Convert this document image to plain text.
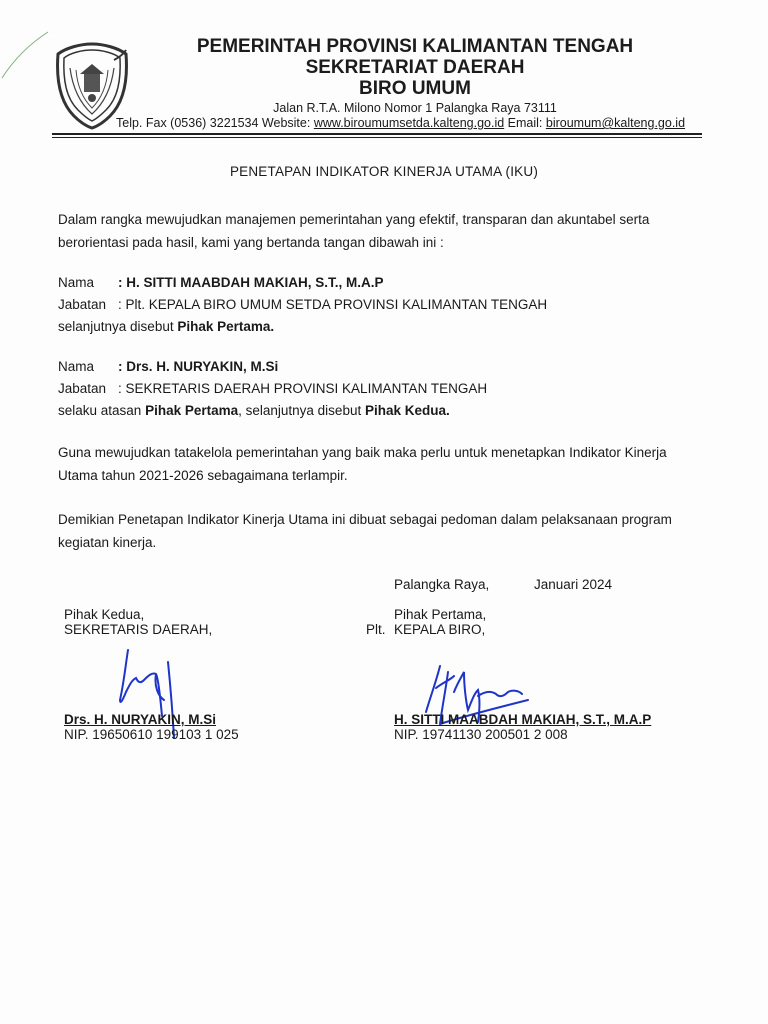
PEMERINTAH PROVINSI KALIMANTAN TENGAH
SEKRETARIAT DAERAH
BIRO UMUM
Jalan R.T.A. Milono Nomor 1 Palangka Raya 73111
Telp. Fax (0536) 3221534 Website: www.biroumumsetda.kalteng.go.id Email: biroumum@kalteng.go.id
PENETAPAN INDIKATOR KINERJA UTAMA (IKU)
Dalam rangka mewujudkan manajemen pemerintahan yang efektif, transparan dan akuntabel serta berorientasi pada hasil, kami yang bertanda tangan dibawah ini :
Nama : H. SITTI MAABDAH MAKIAH, S.T., M.A.P
Jabatan : Plt. KEPALA BIRO UMUM SETDA PROVINSI KALIMANTAN TENGAH
selanjutnya disebut Pihak Pertama.
Nama : Drs. H. NURYAKIN, M.Si
Jabatan : SEKRETARIS DAERAH PROVINSI KALIMANTAN TENGAH
selaku atasan Pihak Pertama, selanjutnya disebut Pihak Kedua.
Guna mewujudkan tatakelola pemerintahan yang baik maka perlu untuk menetapkan Indikator Kinerja Utama tahun 2021-2026 sebagaimana terlampir.
Demikian Penetapan Indikator Kinerja Utama ini dibuat sebagai pedoman dalam pelaksanaan program kegiatan kinerja.
Palangka Raya,	Januari 2024
Pihak Kedua,
SEKRETARIS DAERAH,
Drs. H. NURYAKIN, M.Si
NIP. 19650610 199103 1 025
Pihak Pertama,
Plt. KEPALA BIRO,
H. SITTI MAABDAH MAKIAH, S.T., M.A.P
NIP. 19741130 200501 2 008
